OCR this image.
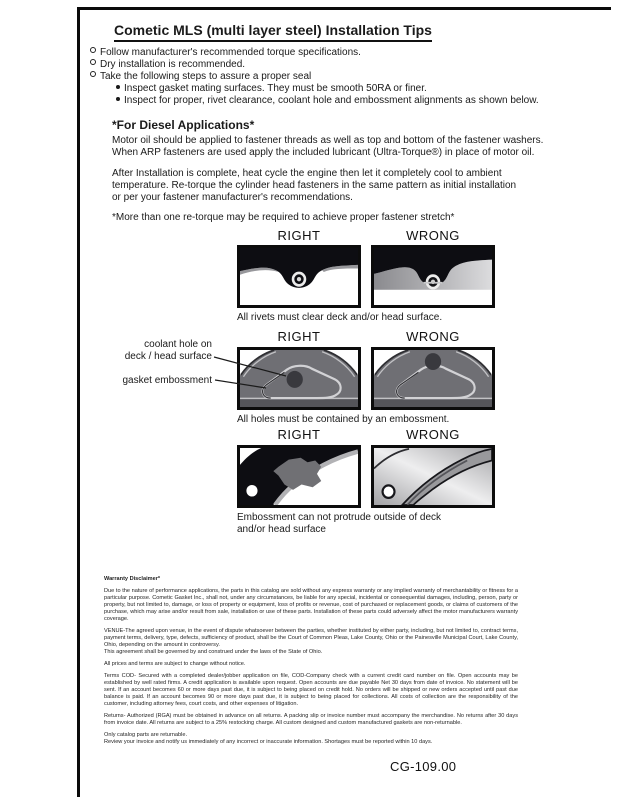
Cometic MLS (multi layer steel) Installation Tips
Follow manufacturer's recommended torque specifications.
Dry installation is recommended.
Take the following steps to assure a proper seal
Inspect gasket mating surfaces. They must be smooth 50RA or finer.
Inspect for proper, rivet clearance, coolant hole and embossment alignments as shown below.
*For Diesel Applications*
Motor oil should be applied to fastener threads as well as top and bottom of the fastener washers.
When ARP fasteners are used apply the included lubricant (Ultra-Torque®) in place of motor oil.
After Installation is complete, heat cycle the engine then let it completely cool to ambient
temperature. Re-torque the cylinder head fasteners in the same pattern as initial installation
or per your fastener manufacturer's recommendations.
*More than one re-torque may be required to achieve proper fastener stretch*
RIGHT	WRONG
All rivets must clear deck and/or head surface.
RIGHT	WRONG
coolant hole on
deck / head surface
gasket embossment
All holes must be contained by an embossment.
RIGHT	WRONG
Embossment can not protrude outside of deck
and/or head surface

Warranty Disclaimer*

Due to the nature of performance applications, the parts in this catalog are sold without any express warranty or any implied warranty of merchantability or fitness for a particular purpose. Cometic Gasket Inc., shall not, under any circumstances, be liable for any special, incidental or consequential damages, including, person, party or property, but not limited to, damage, or loss of property or equipment, loss of profits or revenue, cost of purchased or replacement goods, or claims of customers of the purchase, which may arise and/or result from sale, installation or use of these parts. Installation of these parts could adversely affect the motor manufacturers warranty coverage.

VENUE-The agreed upon venue, in the event of dispute whatsoever between the parties, whether instituted by either party, including, but not limited to, contract terms, payment terms, delivery, type, defects, sufficiency of product, shall be the Court of Common Pleas, Lake County, Ohio or the Painesville Municipal Court, Lake County, Ohio, depending on the amount in controversy.

This agreement shall be governed by and construed under the laws of the State of Ohio.

All prices and terms are subject to change without notice.

Terms COD- Secured with a completed dealer/jobber application on file, COD-Company check with a current credit card number on file. Open accounts may be established by well rated firms. A credit application is available upon request. Open accounts are due payable Net 30 days from date of invoice. No statement will be sent. If an account becomes 60 or more days past due, it is subject to being placed on credit hold. No orders will be shipped or new orders accepted until past due balance is paid. If an account becomes 90 or more days past due, it is subject to being placed for collections. All costs of collection are the responsibility of the customer, including attorney fees, court costs, and other expenses of litigation.

Returns- Authorized (RGA) must be obtained in advance on all returns. A packing slip or invoice number must accompany the merchandise. No returns after 30 days from invoice date. All returns are subject to a 25% restocking charge. All custom designed and custom manufactured gaskets are non-returnable.

Only catalog parts are returnable.

Review your invoice and notify us immediately of any incorrect or inaccurate information. Shortages must be reported within 10 days.

CG-109.00
